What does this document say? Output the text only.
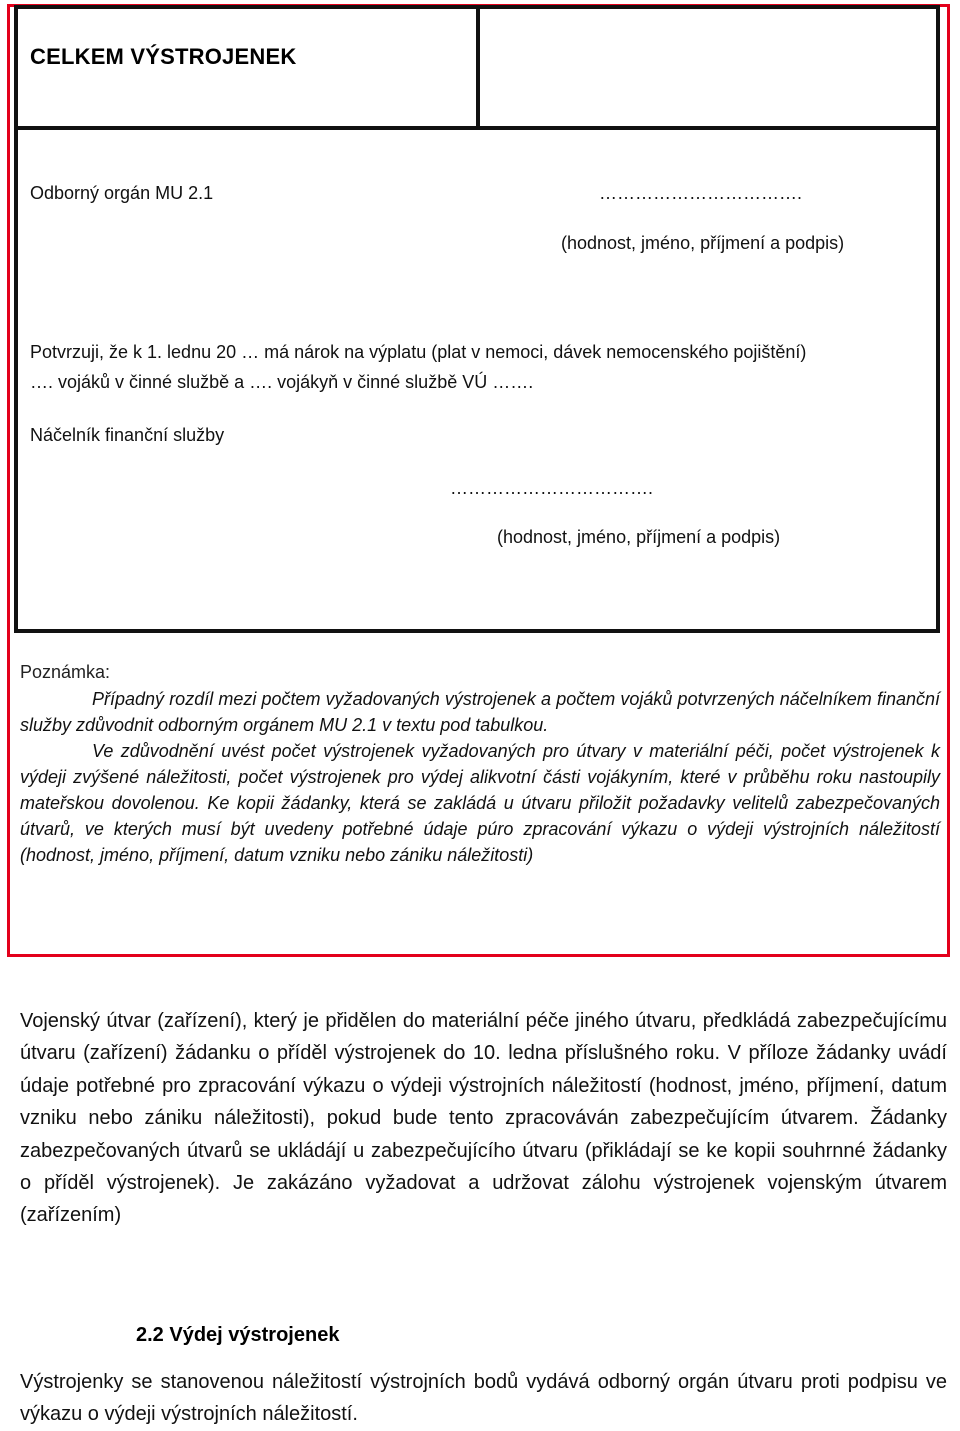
CELKEM VÝSTROJENEK
Odborný orgán MU 2.1	…………………………….
(hodnost, jméno, příjmení a podpis)
Potvrzuji, že k 1. lednu 20 … má nárok na výplatu (plat v nemoci, dávek nemocenského pojištění)
…. vojáků v činné službě a …. vojákyň v činné službě VÚ …….
Náčelník finanční služby
…………………………….
(hodnost, jméno, příjmení a podpis)
Poznámka:

Případný rozdíl mezi počtem vyžadovaných výstrojenek a počtem vojáků potvrzených náčelníkem finanční služby zdůvodnit odborným orgánem MU 2.1 v textu pod tabulkou.

Ve zdůvodnění uvést počet výstrojenek vyžadovaných pro útvary v materiální péči, počet výstrojenek k výdeji zvýšené náležitosti, počet výstrojenek pro výdej alikvotní části vojákyním, které v průběhu roku nastoupily mateřskou dovolenou. Ke kopii žádanky, která se zakládá u útvaru přiložit požadavky velitelů zabezpečovaných útvarů, ve kterých musí být uvedeny potřebné údaje púro zpracování výkazu o výdeji výstrojních náležitostí (hodnost, jméno, příjmení, datum vzniku nebo zániku náležitosti)

Vojenský útvar (zařízení), který je přidělen do materiální péče jiného útvaru, předkládá zabezpečujícímu útvaru (zařízení) žádanku o příděl výstrojenek do 10. ledna příslušného roku. V příloze žádanky uvádí údaje potřebné pro zpracování výkazu o výdeji výstrojních náležitostí (hodnost, jméno, příjmení, datum vzniku nebo zániku náležitosti), pokud bude tento zpracováván zabezpečujícím útvarem. Žádanky zabezpečovaných útvarů se ukládájí u zabezpečujícího útvaru (přikládají se ke kopii souhrnné žádanky o příděl výstrojenek). Je zakázáno vyžadovat a udržovat zálohu výstrojenek vojenským útvarem (zařízením)
2.2 Výdej výstrojenek
Výstrojenky se stanovenou náležitostí výstrojních bodů vydává odborný orgán útvaru proti podpisu ve výkazu o výdeji výstrojních náležitostí.
